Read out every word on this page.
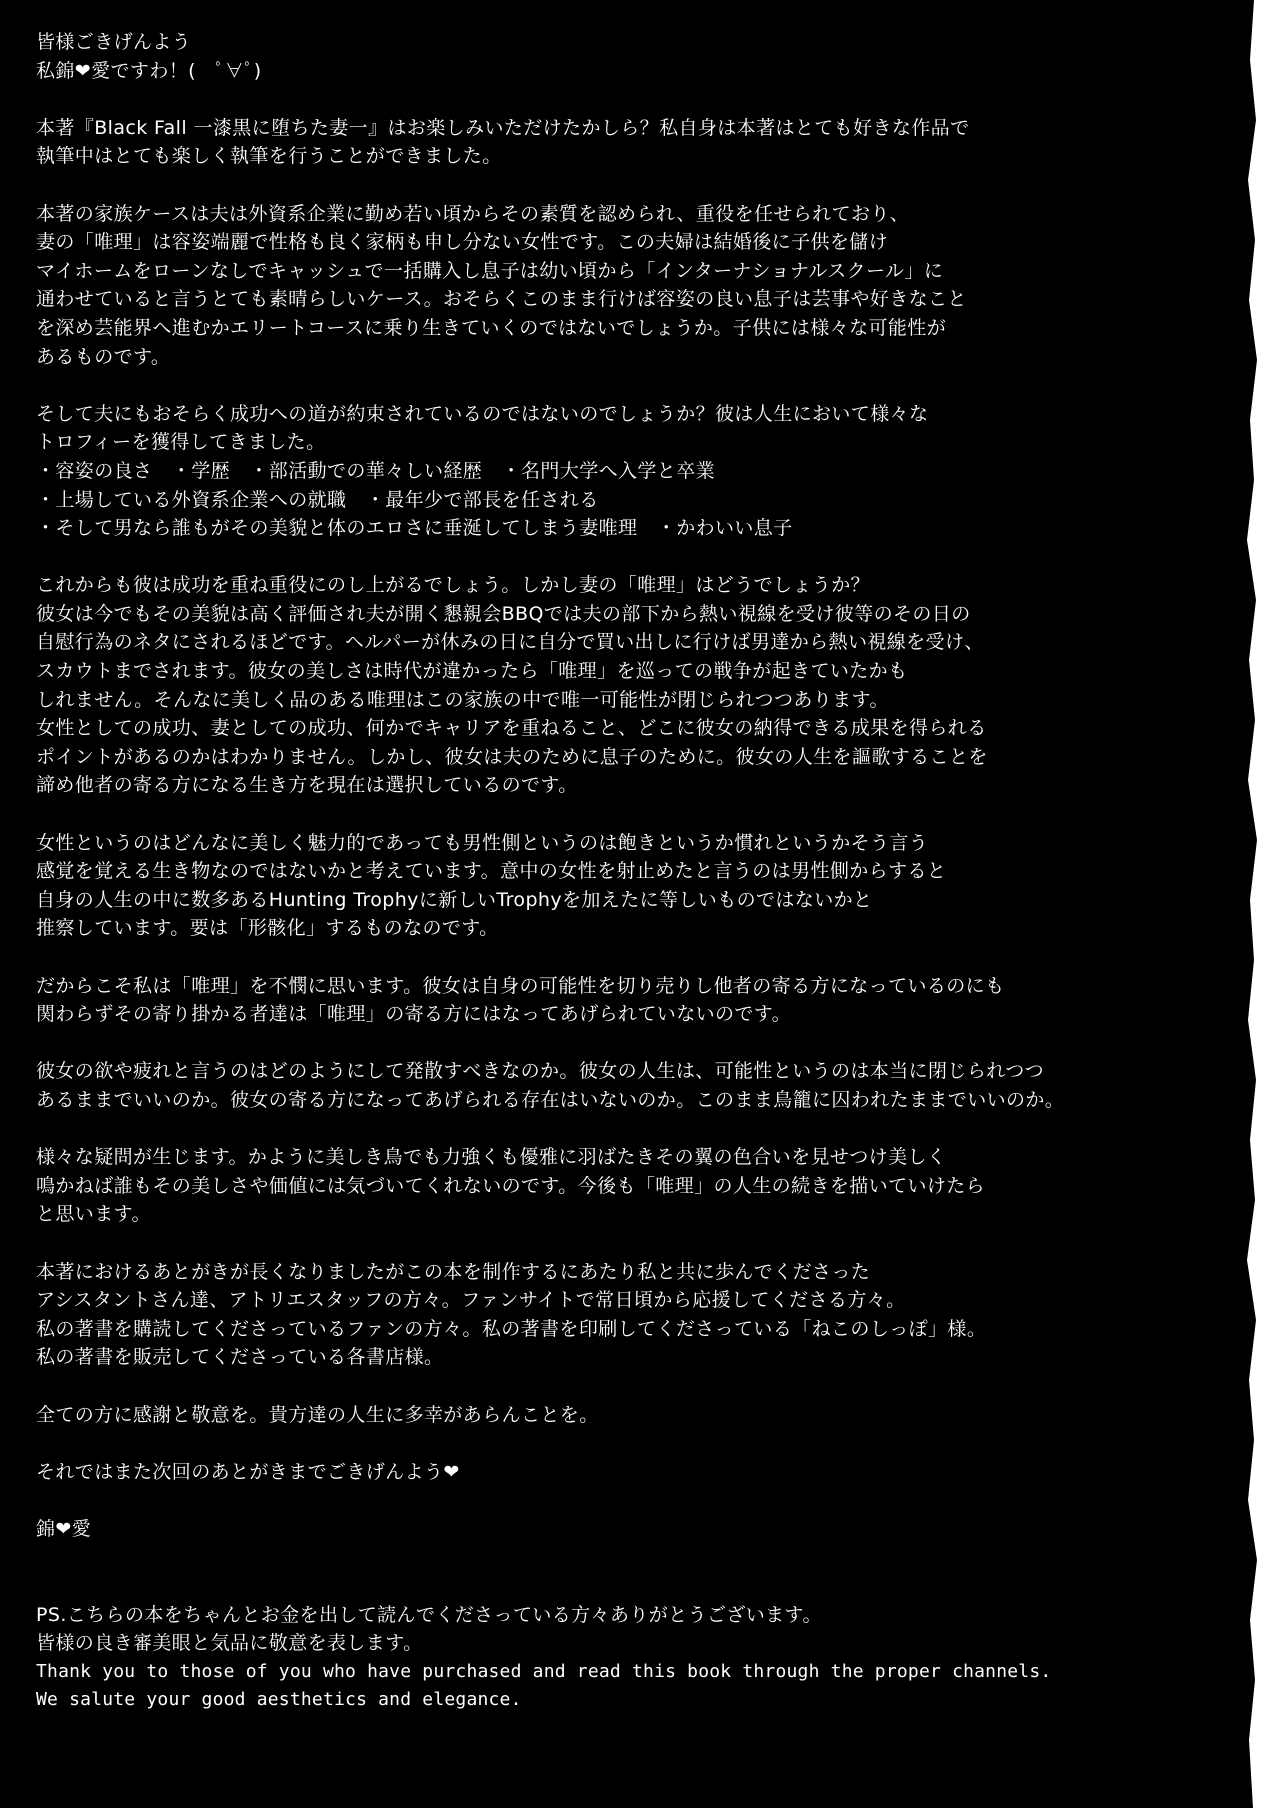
皆様ごきげんよう
私錦❤愛ですわ！(　ﾟ∀ﾟ)
本著『Black Fall 一漆黒に堕ちた妻一』はお楽しみいただけたかしら？私自身は本著はとても好きな作品で
執筆中はとても楽しく執筆を行うことができました。
本著の家族ケースは夫は外資系企業に勤め若い頃からその素質を認められ、重役を任せられており、
妻の「唯理」は容姿端麗で性格も良く家柄も申し分ない女性です。この夫婦は結婚後に子供を儲け
マイホームをローンなしでキャッシュで一括購入し息子は幼い頃から「インターナショナルスクール」に
通わせていると言うとても素晴らしいケース。おそらくこのまま行けば容姿の良い息子は芸事や好きなこと
を深め芸能界へ進むかエリートコースに乗り生きていくのではないでしょうか。子供には様々な可能性が
あるものです。
そして夫にもおそらく成功への道が約束されているのではないのでしょうか？彼は人生において様々な
トロフィーを獲得してきました。
・容姿の良さ　・学歴　・部活動での華々しい経歴　・名門大学へ入学と卒業
・上場している外資系企業への就職　・最年少で部長を任される
・そして男なら誰もがその美貌と体のエロさに垂涎してしまう妻唯理　・かわいい息子
これからも彼は成功を重ね重役にのし上がるでしょう。しかし妻の「唯理」はどうでしょうか？
彼女は今でもその美貌は高く評価され夫が開く懇親会BBQでは夫の部下から熱い視線を受け彼等のその日の
自慰行為のネタにされるほどです。ヘルパーが休みの日に自分で買い出しに行けば男達から熱い視線を受け、
スカウトまでされます。彼女の美しさは時代が違かったら「唯理」を巡っての戦争が起きていたかも
しれません。そんなに美しく品のある唯理はこの家族の中で唯一可能性が閉じられつつあります。
女性としての成功、妻としての成功、何かでキャリアを重ねること、どこに彼女の納得できる成果を得られる
ポイントがあるのかはわかりません。しかし、彼女は夫のために息子のために。彼女の人生を謳歌することを
諦め他者の寄る方になる生き方を現在は選択しているのです。
女性というのはどんなに美しく魅力的であっても男性側というのは飽きというか慣れというかそう言う
感覚を覚える生き物なのではないかと考えています。意中の女性を射止めたと言うのは男性側からすると
自身の人生の中に数多あるHunting Trophyに新しいTrophyを加えたに等しいものではないかと
推察しています。要は「形骸化」するものなのです。
だからこそ私は「唯理」を不憫に思います。彼女は自身の可能性を切り売りし他者の寄る方になっているのにも
関わらずその寄り掛かる者達は「唯理」の寄る方にはなってあげられていないのです。
彼女の欲や疲れと言うのはどのようにして発散すべきなのか。彼女の人生は、可能性というのは本当に閉じられつつ
あるままでいいのか。彼女の寄る方になってあげられる存在はいないのか。このまま鳥籠に囚われたままでいいのか。
様々な疑問が生じます。かように美しき鳥でも力強くも優雅に羽ばたきその翼の色合いを見せつけ美しく
鳴かねば誰もその美しさや価値には気づいてくれないのです。今後も「唯理」の人生の続きを描いていけたら
と思います。
本著におけるあとがきが長くなりましたがこの本を制作するにあたり私と共に歩んでくださった
アシスタントさん達、アトリエスタッフの方々。ファンサイトで常日頃から応援してくださる方々。
私の著書を購読してくださっているファンの方々。私の著書を印刷してくださっている「ねこのしっぽ」様。
私の著書を販売してくださっている各書店様。
全ての方に感謝と敬意を。貴方達の人生に多幸があらんことを。
それではまた次回のあとがきまでごきげんよう❤
錦❤愛
PS.こちらの本をちゃんとお金を出して読んでくださっている方々ありがとうございます。
皆様の良き審美眼と気品に敬意を表します。
Thank you to those of you who have purchased and read this book through the proper channels.
We salute your good aesthetics and elegance.
